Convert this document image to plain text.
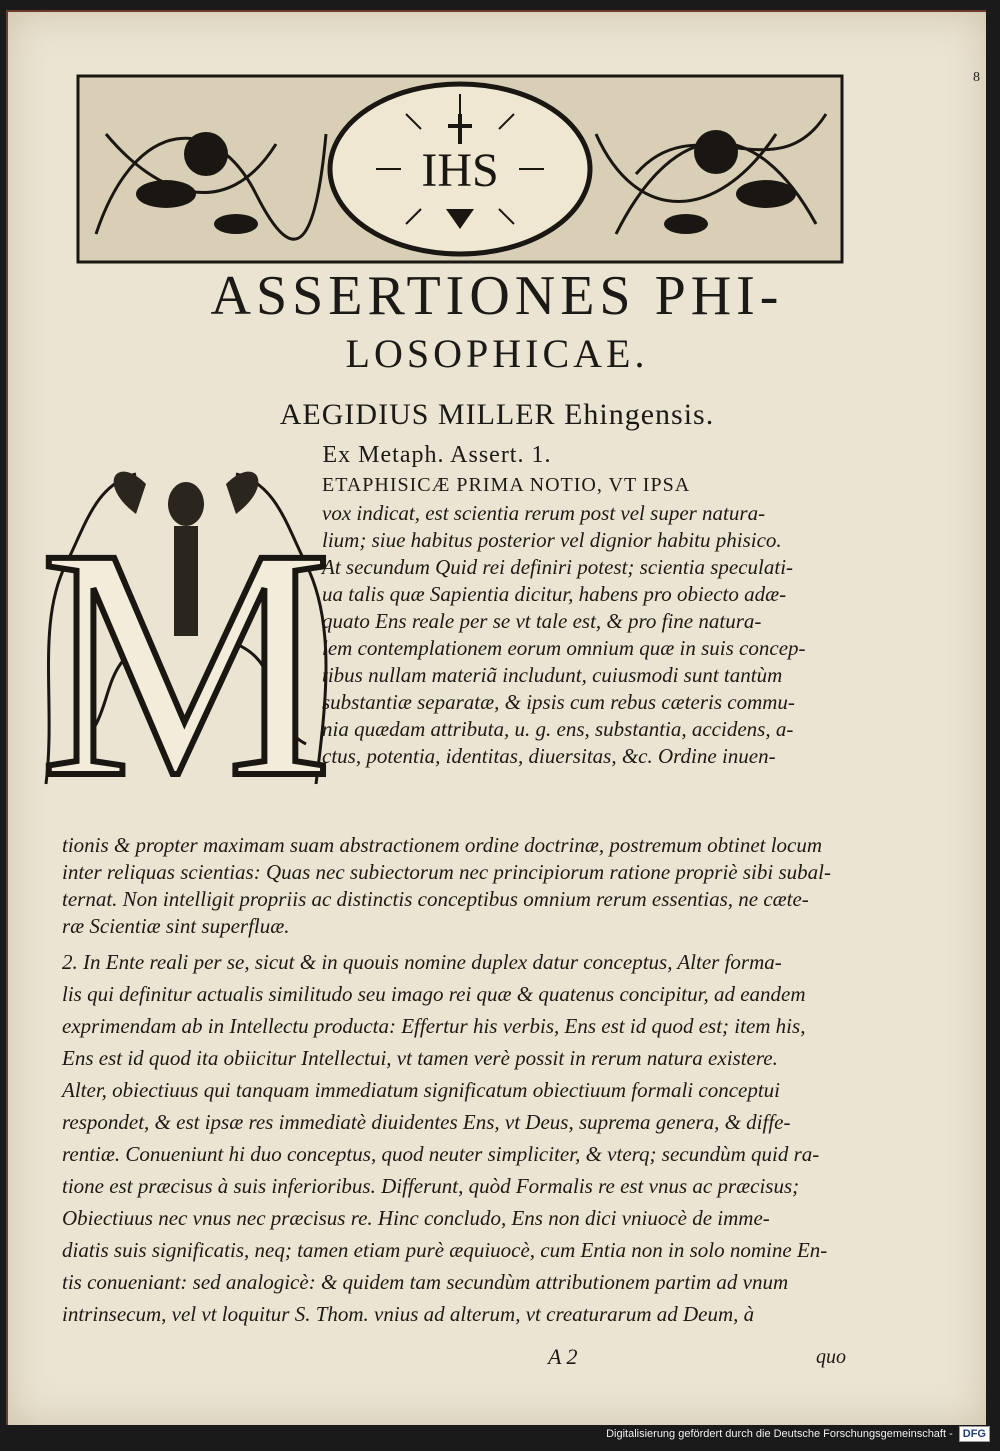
8
IHS
ASSERTIONES PHI-
LOSOPHICAE.
AEGIDIUS MILLER Ehingensis.
Ex Metaph. Assert. 1.
M
ETAPHISICÆ PRIMA NOTIO, VT IPSA
vox indicat, est scientia rerum post vel super natura-
lium; siue habitus posterior vel dignior habitu phisico.
At secundum Quid rei definiri potest; scientia speculati-
ua talis quæ Sapientia dicitur, habens pro obiecto adæ-
quato Ens reale per se vt tale est, & pro fine natura-
lem contemplationem eorum omnium quæ in suis concep-
tibus nullam materiã includunt, cuiusmodi sunt tantùm
substantiæ separatæ, & ipsis cum rebus cæteris commu-
nia quædam attributa, u. g. ens, substantia, accidens, a-
ctus, potentia, identitas, diuersitas, &c. Ordine inuen-
tionis & propter maximam suam abstractionem ordine doctrinæ, postremum obtinet locum
inter reliquas scientias: Quas nec subiectorum nec principiorum ratione propriè sibi subal-
ternat. Non intelligit propriis ac distinctis conceptibus omnium rerum essentias, ne cæte-
ræ Scientiæ sint superfluæ.
2. In Ente reali per se, sicut & in quouis nomine duplex datur conceptus, Alter forma-
lis qui definitur actualis similitudo seu imago rei quæ & quatenus concipitur, ad eandem
exprimendam ab in Intellectu producta: Effertur his verbis, Ens est id quod est; item his,
Ens est id quod ita obiicitur Intellectui, vt tamen verè possit in rerum natura existere.
Alter, obiectiuus qui tanquam immediatum significatum obiectiuum formali conceptui
respondet, & est ipsæ res immediatè diuidentes Ens, vt Deus, suprema genera, & diffe-
rentiæ. Conueniunt hi duo conceptus, quod neuter simpliciter, & vterq; secundùm quid ra-
tione est præcisus à suis inferioribus. Differunt, quòd Formalis re est vnus ac præcisus;
Obiectiuus nec vnus nec præcisus re. Hinc concludo, Ens non dici vniuocè de imme-
diatis suis significatis, neq; tamen etiam purè æquiuocè, cum Entia non in solo nomine En-
tis conueniant: sed analogicè: & quidem tam secundùm attributionem partim ad vnum
intrinsecum, vel vt loquitur S. Thom. vnius ad alterum, vt creaturarum ad Deum, à
A 2	quo
Digitalisierung gefördert durch die Deutsche Forschungsgemeinschaft - DFG
